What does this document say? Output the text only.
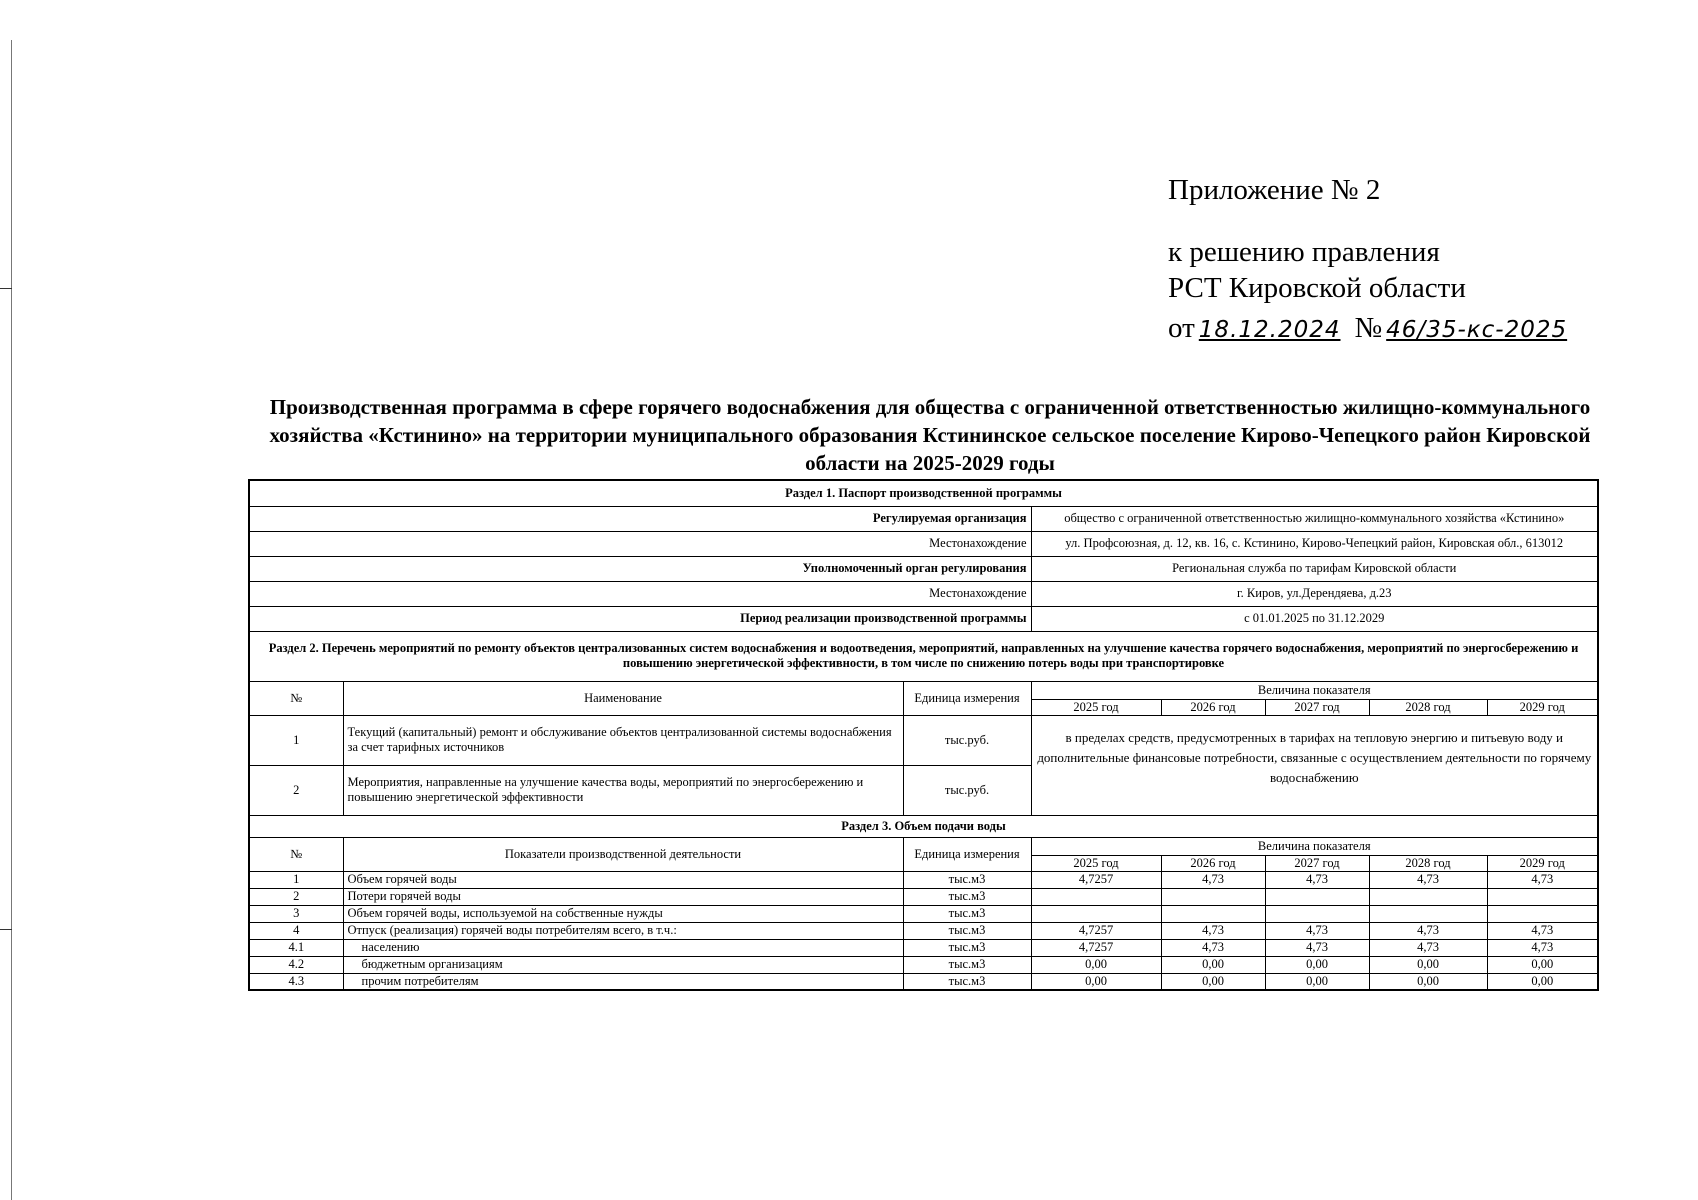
Приложение № 2
к решению правления
РСТ Кировской области
от 18.12.2024 № 46/35-кс-2025
Производственная программа в сфере горячего водоснабжения для общества с ограниченной ответственностью жилищно-коммунального хозяйства «Кстинино» на территории муниципального образования Кстининское сельское поселение Кирово-Чепецкого район Кировской области на 2025-2029 годы
Раздел 1. Паспорт производственной программы							
Регулируемая организация			общество с ограниченной ответственностью жилищно-коммунального хозяйства «Кстинино»				
Местонахождение			ул. Профсоюзная, д. 12, кв. 16, с. Кстинино, Кирово-Чепецкий район, Кировская обл., 613012				
Уполномоченный орган регулирования			Региональная служба по тарифам Кировской области				
Местонахождение			г. Киров, ул.Дерендяева, д.23				
Период реализации производственной программы			с 01.01.2025 по 31.12.2029				
Раздел 2. Перечень мероприятий по ремонту объектов централизованных систем водоснабжения и водоотведения, мероприятий, направленных на улучшение качества горячего водоснабжения, мероприятий по энергосбережению и повышению энергетической эффективности, в том числе по снижению потерь воды при транспортировке							
№	Наименование	Единица измерения	Величина показателя				
			2025 год	2026 год	2027 год	2028 год	2029 год
1	Текущий (капитальный) ремонт и обслуживание объектов централизованной системы водоснабжения за счет тарифных источников	тыс.руб.	в пределах средств, предусмотренных в тарифах на тепловую энергию и питьевую воду и дополнительные финансовые потребности, связанные с осуществлением деятельности по горячему водоснабжению				
2	Мероприятия, направленные на улучшение качества воды, мероприятий по энергосбережению и повышению энергетической эффективности	тыс.руб.					
Раздел 3. Объем подачи воды							
№	Показатели производственной деятельности	Единица измерения	Величина показателя				
			2025 год	2026 год	2027 год	2028 год	2029 год
1	Объем горячей воды	тыс.м3	4,7257	4,73	4,73	4,73	4,73
2	Потери горячей воды	тыс.м3					
3	Объем горячей воды, используемой на собственные нужды	тыс.м3					
4	Отпуск (реализация) горячей воды потребителям всего, в т.ч.:	тыс.м3	4,7257	4,73	4,73	4,73	4,73
4.1	населению	тыс.м3	4,7257	4,73	4,73	4,73	4,73
4.2	бюджетным организациям	тыс.м3	0,00	0,00	0,00	0,00	0,00
4.3	прочим потребителям	тыс.м3	0,00	0,00	0,00	0,00	0,00
